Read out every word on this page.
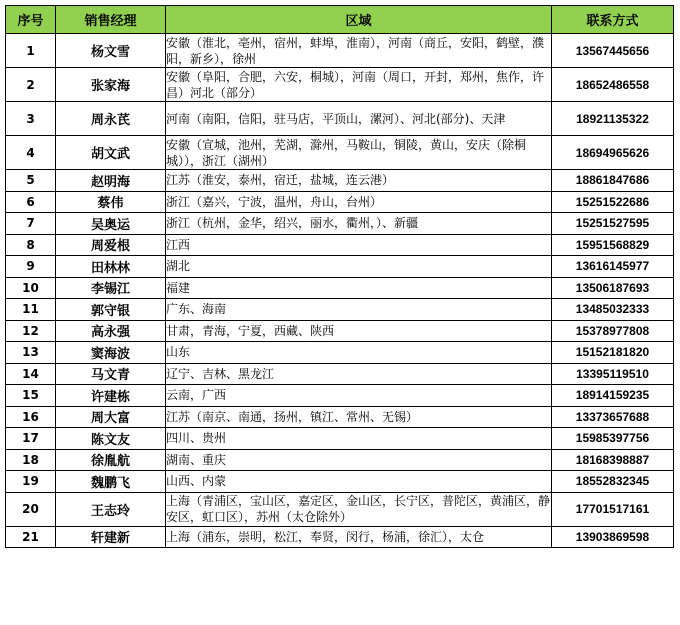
序号	销售经理	区域	联系方式
1	杨文雪	安徽（淮北，亳州，宿州，蚌埠，淮南），河南（商丘，安阳，鹤壁，濮阳，新乡），徐州	13567445656
2	张家海	安徽（阜阳，合肥，六安，桐城），河南（周口，开封，郑州，焦作，许昌）河北（部分）	18652486558
3	周永芪	河南（南阳，信阳，驻马店，平顶山，漯河）、河北(部分)、天津	18921135322
4	胡文武	安徽（宣城，池州，芜湖，滁州，马鞍山，铜陵，黄山，安庆（除桐城）），浙江（湖州）	18694965626
5	赵明海	江苏（淮安，泰州，宿迁，盐城，连云港）	18861847686
6	蔡伟	浙江（嘉兴，宁波，温州，舟山，台州）	15251522686
7	吴奥运	浙江（杭州，金华，绍兴，丽水，衢州，）、新疆	15251527595
8	周爱根	江西	15951568829
9	田林林	湖北	13616145977
10	李锡江	福建	13506187693
11	郭守银	广东、海南	13485032333
12	高永强	甘肃，青海，宁夏，西藏、陕西	15378977808
13	窦海波	山东	15152181820
14	马文青	辽宁、吉林、黑龙江	13395119510
15	许建栋	云南，广西	18914159235
16	周大富	江苏（南京、南通，扬州，镇江、常州、无锡）	13373657688
17	陈文友	四川、贵州	15985397756
18	徐胤航	湖南、重庆	18168398887
19	魏鹏飞	山西、内蒙	18552832345
20	王志玲	上海（青浦区，宝山区，嘉定区，金山区，长宁区，普陀区，黄浦区，静安区，虹口区），苏州（太仓除外）	17701517161
21	轩建新	上海（浦东，崇明，松江，奉贤，闵行，杨浦，徐汇），太仓	13903869598
